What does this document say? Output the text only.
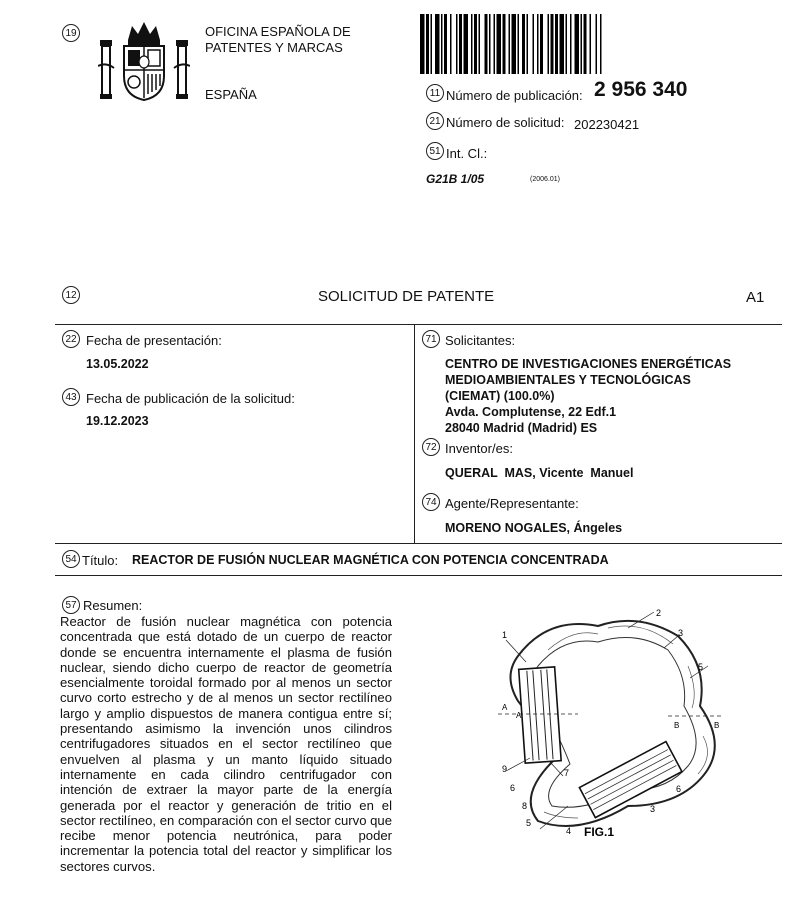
19	OFICINA ESPAÑOLA DE
PATENTES Y MARCAS
ESPAÑA	11 Número de publicación: 2 956 340
21 Número de solicitud: 202230421
51 Int. Cl.:
G21B 1/05	(2006.01)
12	SOLICITUD DE PATENTE	A1
22 Fecha de presentación:
13.05.2022
43 Fecha de publicación de la solicitud:
19.12.2023
71 Solicitantes:
CENTRO DE INVESTIGACIONES ENERGÉTICAS
MEDIOAMBIENTALES Y TECNOLÓGICAS
(CIEMAT) (100.0%)
Avda. Complutense, 22 Edf.1
28040 Madrid (Madrid) ES
72 Inventor/es:
QUERAL  MAS, Vicente  Manuel
74 Agente/Representante:
MORENO NOGALES, Ángeles
54 Título: REACTOR DE FUSIÓN NUCLEAR MAGNÉTICA CON POTENCIA CONCENTRADA
57 Resumen:
Reactor de fusión nuclear magnética con potencia concentrada que está dotado de un cuerpo de reactor donde se encuentra internamente el plasma de fusión nuclear, siendo dicho cuerpo de reactor de geometría esencialmente toroidal formado por al menos un sector curvo corto estrecho y de al menos un sector rectilíneo largo y amplio dispuestos de manera contigua entre sí; presentando asimismo la invención unos cilindros centrifugadores situados en el sector rectilíneo que envuelven al plasma y un manto líquido situado internamente en cada cilindro centrifugador con intención de extraer la mayor parte de la energía generada por el reactor y generación de tritio en el sector rectilíneo, en comparación con el sector curvo que recibe menor potencia neutrónica, para poder incrementar la potencia total del reactor y simplificar los sectores curvos.
1
2
3
5
A
A
B	B
9
6
8
7
5
4
3
6
FIG.1
